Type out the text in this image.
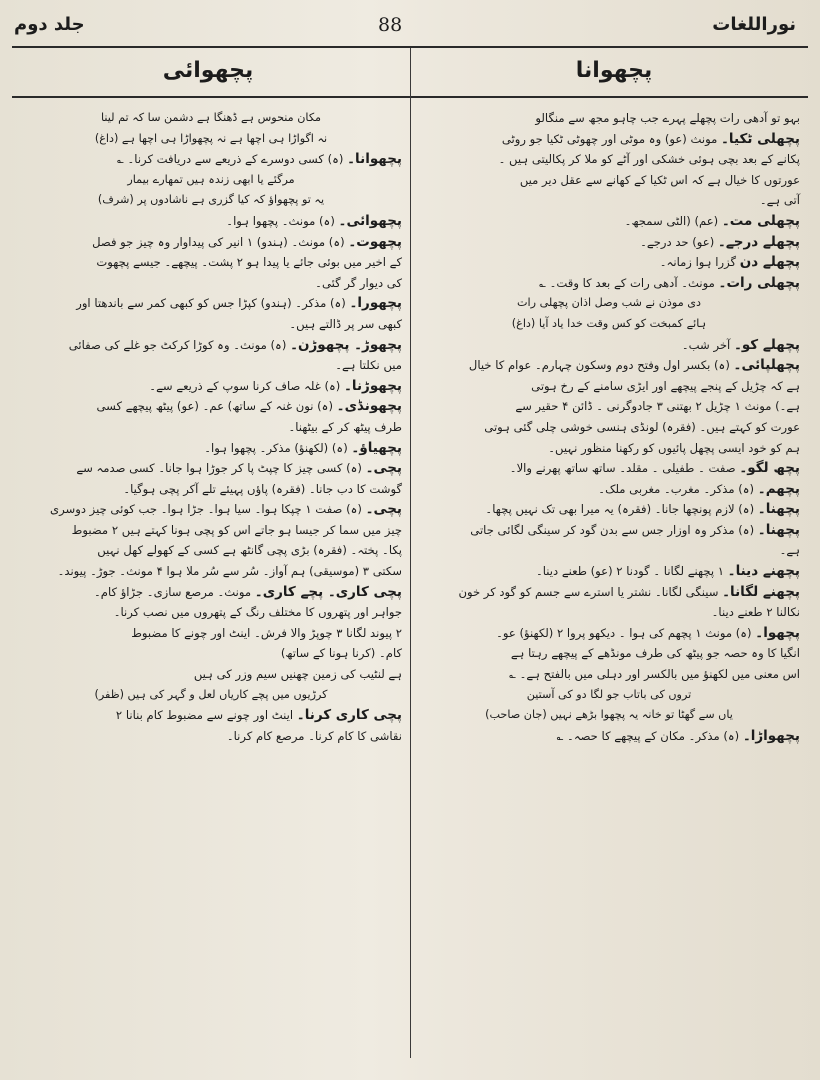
جلد دوم	88	نوراللغات
پچھوانا
پچھوائی

بہو تو آدھی رات پچھلے پہرے جب چاہو مجھ سے منگالو

پچھلی ٹکیا۔ مونث (عو) وہ موٹی اور چھوٹی ٹکیا جو روٹی

پکانے کے بعد بچی ہوئی خشکی اور آٹے کو ملا کر پکالیتی ہیں ۔

عورتوں کا خیال ہے کہ اس ٹکیا کے کھانے سے عقل دیر میں

آتی ہے۔

پچھلی مت۔ (عم) (الٹی سمجھ۔

پچھلے درجے۔ (عو) حد درجے۔

پچھلے دن گزرا ہوا زمانہ۔

پچھلی رات۔ مونث۔ آدھی رات کے بعد کا وقت۔ ؎

دی موذن نے شب وصل اذان پچھلی رات

ہائے کمبخت کو کس وقت خدا یاد آیا (داغ)

پچھلے کو۔ آخر شب۔

پچھلپائی۔ (ہ) بکسر اول وفتح دوم وسکون چہارم۔ عوام کا خیال

ہے کہ چڑیل کے پنجے پیچھے اور ایڑی سامنے کے رخ ہوتی

ہے۔) مونث ۱ چڑیل ۲ بھتنی ۳ جادوگرنی ۔ ڈائن ۴ حقیر سے

عورت کو کہتے ہیں۔ (فقرہ) لونڈی ہنسی خوشی چلی گئی ہوتی

ہم کو خود ایسی پچھل پائیوں کو رکھنا منظور نہیں۔

پچھ لگو۔ صفت ۔ طفیلی ۔ مقلد۔ ساتھ ساتھ پھرنے والا۔

پچھم۔ (ہ) مذکر۔ مغرب۔ مغربی ملک۔

پچھنا۔ (ہ) لازم پونچھا جانا۔ (فقرہ) یہ میرا بھی تک نہیں پچھا۔

پچھنا۔ (ہ) مذکر وہ اوزار جس سے بدن گود کر سینگی لگائی جاتی

ہے۔

پچھنے دینا۔ ۱ پچھنے لگانا ۔ گودنا ۲ (عو) طعنے دینا۔

پچھنے لگانا۔ سینگی لگانا۔ نشتر یا استرے سے جسم کو گود کر خون

نکالنا ۲ طعنے دینا۔

پچھوا۔ (ہ) مونث ۱ پچھم کی ہوا ۔ دیکھو پروا ۲ (لکھنؤ) عو۔

انگیا کا وہ حصہ جو پیٹھ کی طرف مونڈھے کے پیچھے رہتا ہے

اس معنی میں لکھنؤ میں بالکسر اور دہلی میں بالفتح ہے۔ ؎

تروں کی باتاب جو لگا دو کی آستین

یاں سے گھٹا تو خانہ یہ پچھوا بڑھے نہیں (جان صاحب)

پچھواڑا۔ (ہ) مذکر۔ مکان کے پیچھے کا حصہ۔ ؎

مکان منحوس ہے ڈھنگا ہے دشمن سا کہ تم لینا

نہ اگواڑا ہی اچھا ہے نہ پچھواڑا ہی اچھا ہے (داغ)

پچھوانا۔ (ہ) کسی دوسرے کے ذریعے سے دریافت کرنا۔ ؎

مرگئے یا ابھی زندہ ہیں تمھارے بیمار

یہ تو پچھواؤ کہ کیا گزری ہے ناشادوں پر (شرف)

پچھوائی۔ (ہ) مونث۔ پچھوا ہوا۔

پچھوت۔ (ہ) مونث۔ (ہندو) ۱ انیر کی پیداوار وہ چیز جو فصل

کے اخیر میں بوئی جائے یا پیدا ہو ۲ پشت۔ پیچھے۔ جیسے پچھوت

کی دیوار گر گئی۔

پچھورا۔ (ہ) مذکر۔ (ہندو) کپڑا جس کو کبھی کمر سے باندھتا اور

کبھی سر پر ڈالتے ہیں۔

پچھوڑ۔ پچھوڑن۔ (ہ) مونث۔ وہ کوڑا کرکٹ جو غلے کی صفائی

میں نکلتا ہے۔

پچھوڑنا۔ (ہ) غلہ صاف کرنا سوپ کے ذریعے سے۔

پچھونڈی۔ (ہ) نون غنہ کے ساتھ) عم۔ (عو) پیٹھ پیچھے کسی

طرف پیٹھ کر کے بیٹھنا۔

پچھیاؤ۔ (ہ) (لکھنؤ) مذکر۔ پچھوا ہوا۔

پچی۔ (ہ) کسی چیز کا چپٹ پا کر جوڑا ہوا جانا۔ کسی صدمہ سے

گوشت کا دب جانا۔ (فقرہ) پاؤں پہیئے تلے آکر پچی ہوگیا۔

پچی۔ (ہ) صفت ۱ چپکا ہوا۔ سیا ہوا۔ جڑا ہوا۔ جب کوئی چیز دوسری

چیز میں سما کر جیسا ہو جاتے اس کو پچی ہونا کہتے ہیں ۲ مضبوط

پکا۔ پختہ۔ (فقرہ) بڑی پچی گانٹھ ہے کسی کے کھولے کھل نہیں

سکتی ۳ (موسیقی) ہم آواز۔ سُر سے سُر ملا ہوا ۴ مونث۔ جوڑ۔ پیوند۔

پچی کاری۔ پچے کاری۔ مونث۔ مرصع سازی۔ جڑاؤ کام۔

جواہر اور پتھروں کا مختلف رنگ کے پتھروں میں نصب کرنا۔

۲ پیوند لگانا ۳ چوپڑ والا فرش۔ اینٹ اور چونے کا مضبوط

کام۔ (کرنا ہونا کے ساتھ)

ہے لنٹیب کی زمین چھنیں سیم وزر کی ہیں

کرڑیوں میں پچے کاریاں لعل و گہر کی ہیں (ظفر)

پچی کاری کرنا۔ اینٹ اور چونے سے مضبوط کام بنانا ۲

نقاشی کا کام کرنا۔ مرصع کام کرنا۔
